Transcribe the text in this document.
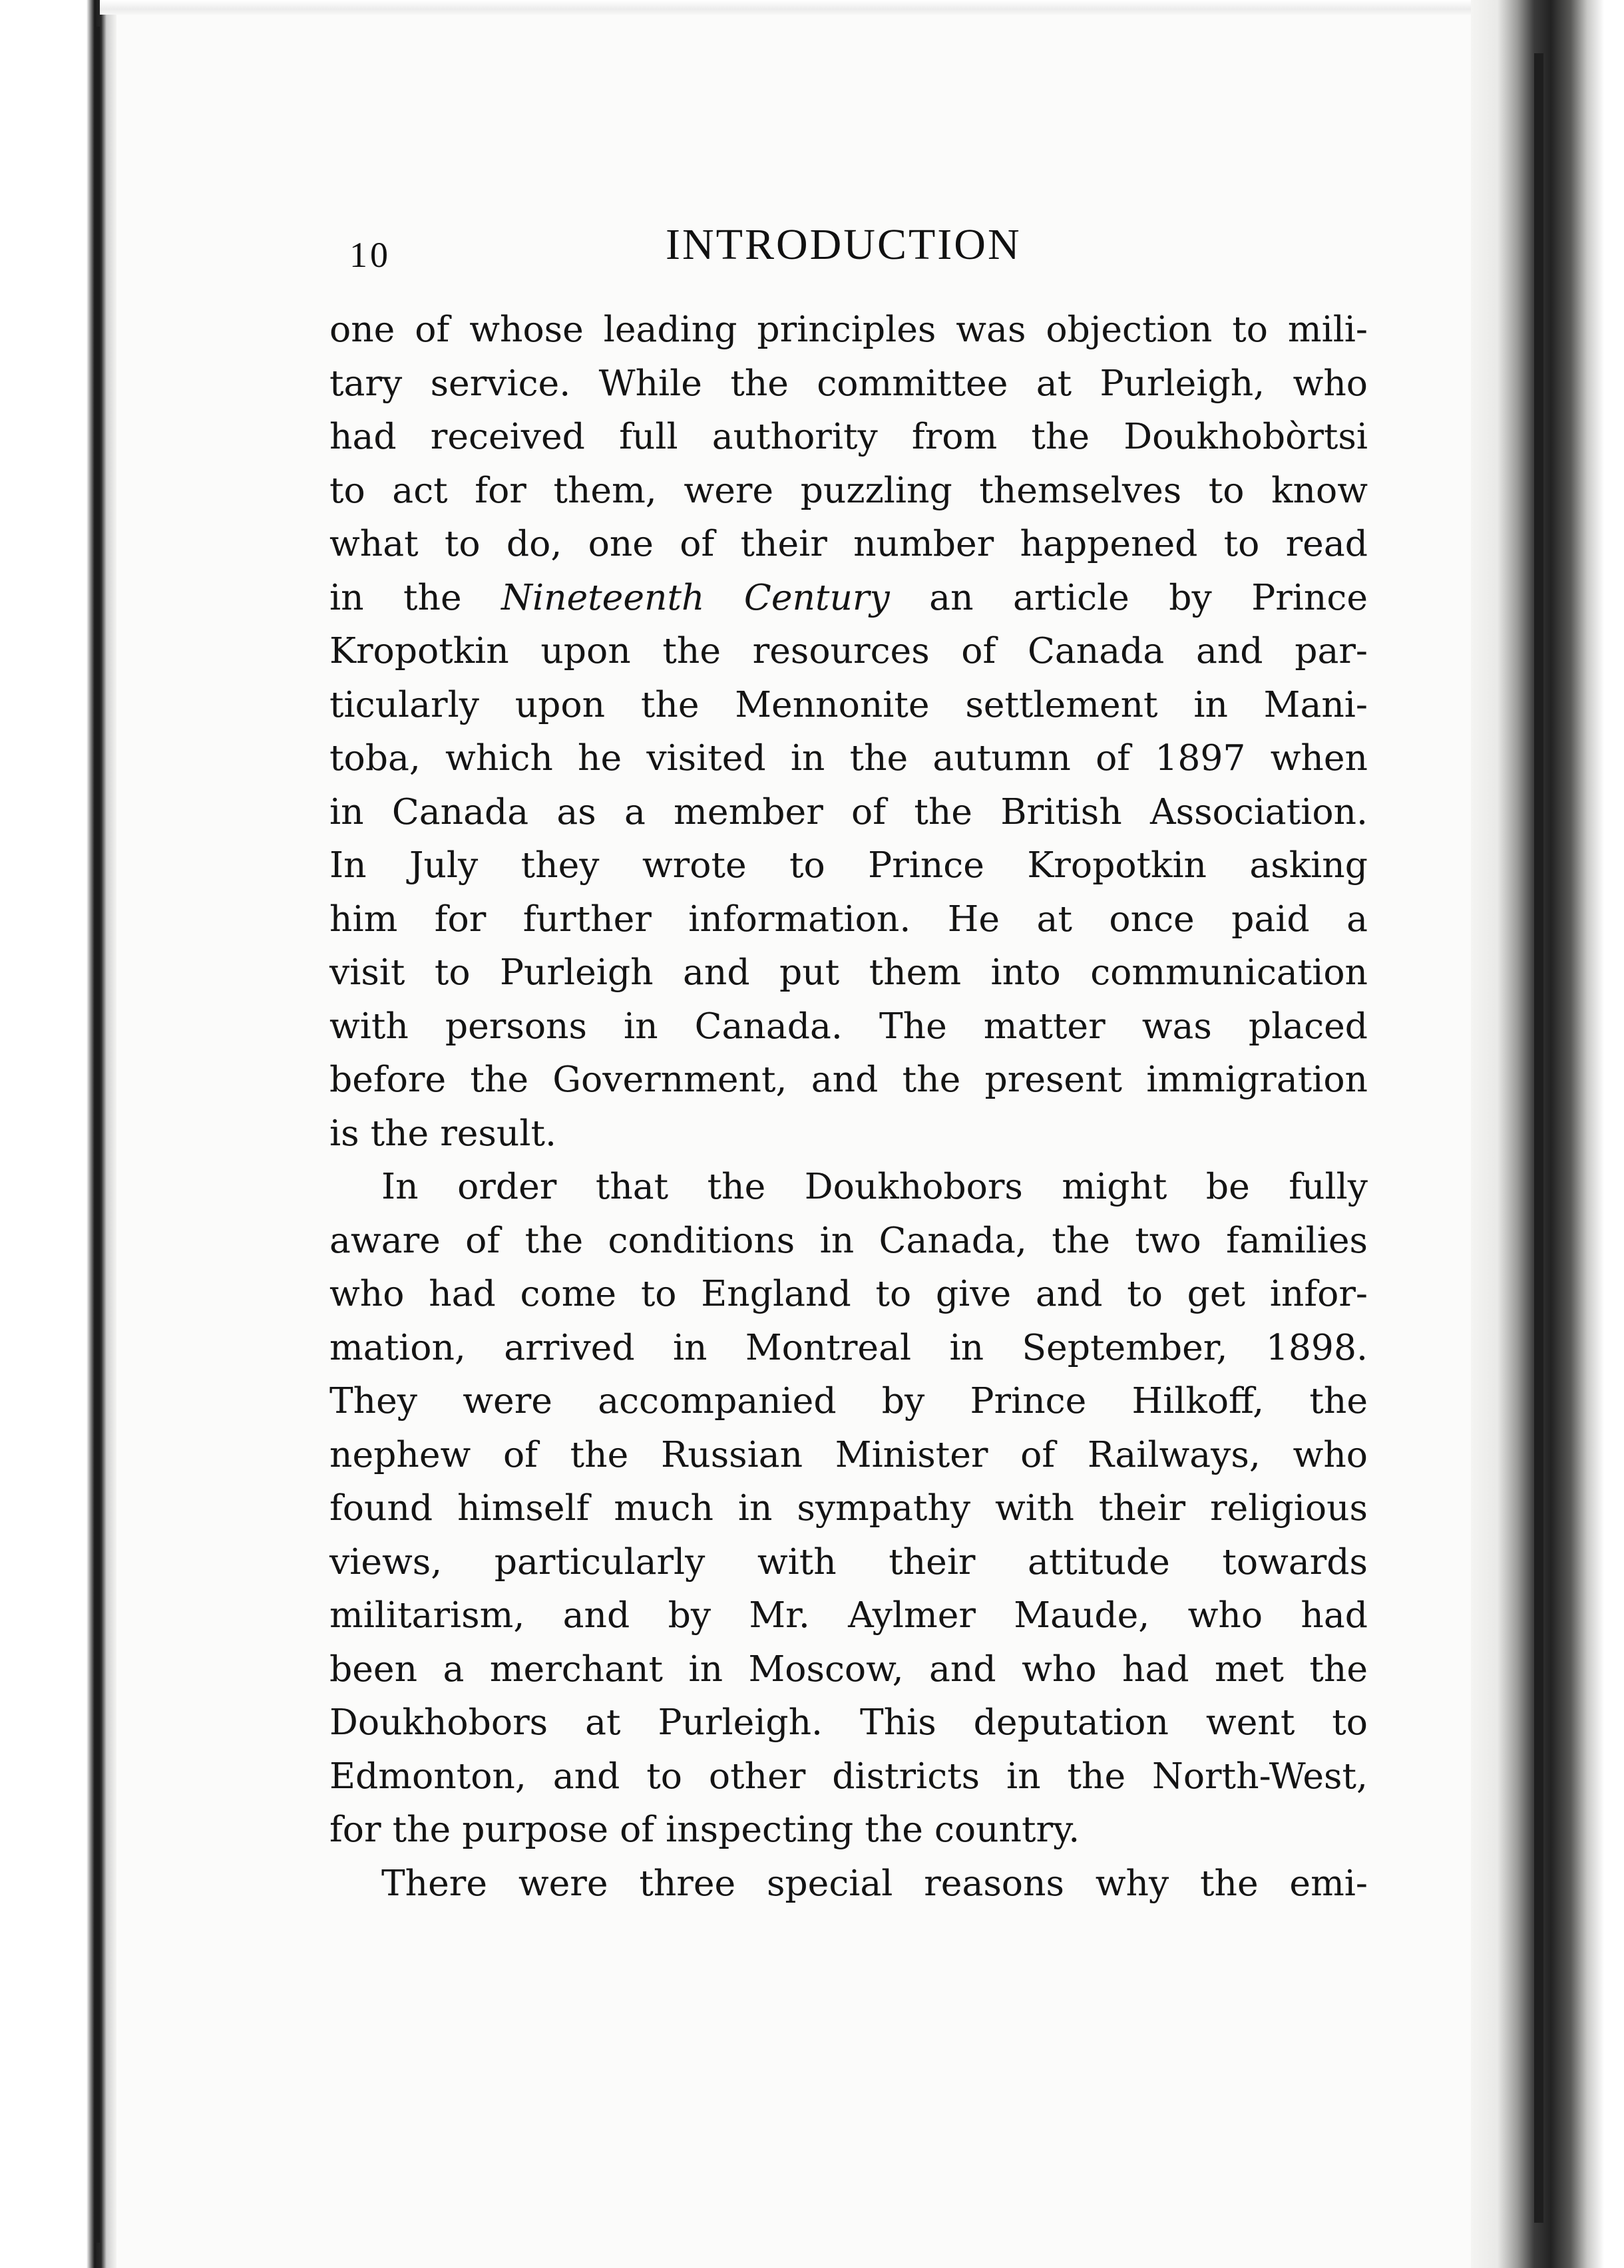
10	INTRODUCTION
one of whose leading principles was objection to mili-
tary service. While the committee at Purleigh, who
had received full authority from the Doukhobòrtsi
to act for them, were puzzling themselves to know
what to do, one of their number happened to read
in the Nineteenth Century an article by Prince
Kropotkin upon the resources of Canada and par-
ticularly upon the Mennonite settlement in Mani-
toba, which he visited in the autumn of 1897 when
in Canada as a member of the British Association.
In July they wrote to Prince Kropotkin asking
him for further information. He at once paid a
visit to Purleigh and put them into communication
with persons in Canada. The matter was placed
before the Government, and the present immigration
is the result.
In order that the Doukhobors might be fully
aware of the conditions in Canada, the two families
who had come to England to give and to get infor-
mation, arrived in Montreal in September, 1898.
They were accompanied by Prince Hilkoff, the
nephew of the Russian Minister of Railways, who
found himself much in sympathy with their religious
views, particularly with their attitude towards
militarism, and by Mr. Aylmer Maude, who had
been a merchant in Moscow, and who had met the
Doukhobors at Purleigh. This deputation went to
Edmonton, and to other districts in the North-West,
for the purpose of inspecting the country.
There were three special reasons why the emi-
